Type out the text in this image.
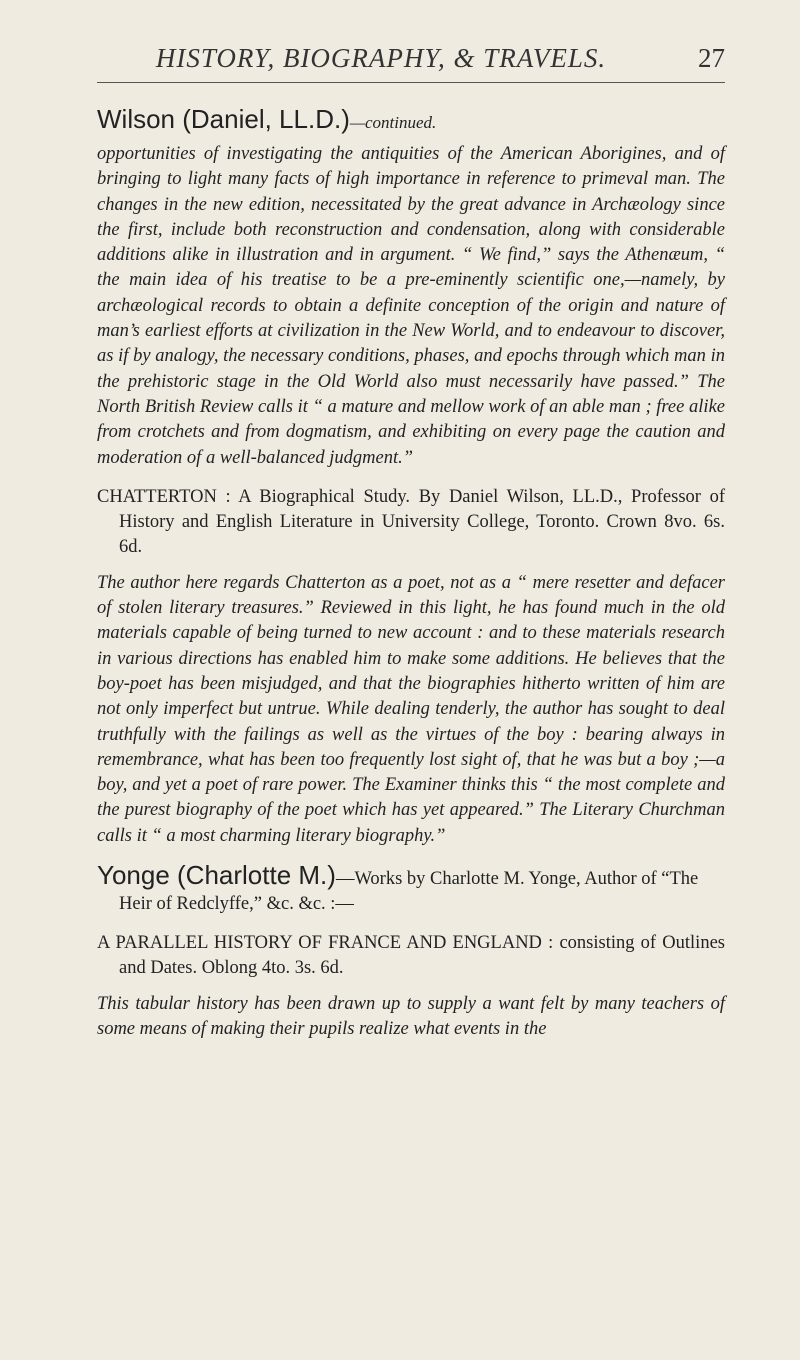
HISTORY, BIOGRAPHY, & TRAVELS.	27
Wilson (Daniel, LL.D.)—continued.

opportunities of investigating the antiquities of the American Aborigines, and of bringing to light many facts of high importance in reference to primeval man. The changes in the new edition, necessitated by the great advance in Archæology since the first, include both reconstruction and condensation, along with considerable additions alike in illustration and in argument. “ We find,” says the Athenæum, “ the main idea of his treatise to be a pre-eminently scientific one,—namely, by archæological records to obtain a definite conception of the origin and nature of man’s earliest efforts at civilization in the New World, and to endeavour to discover, as if by analogy, the necessary conditions, phases, and epochs through which man in the prehistoric stage in the Old World also must necessarily have passed.” The North British Review calls it “ a mature and mellow work of an able man ; free alike from crotchets and from dogmatism, and exhibiting on every page the caution and moderation of a well-balanced judgment.”

CHATTERTON : A Biographical Study. By Daniel Wilson, LL.D., Professor of History and English Literature in University College, Toronto. Crown 8vo. 6s. 6d.

The author here regards Chatterton as a poet, not as a “ mere resetter and defacer of stolen literary treasures.” Reviewed in this light, he has found much in the old materials capable of being turned to new account : and to these materials research in various directions has enabled him to make some additions. He believes that the boy-poet has been misjudged, and that the biographies hitherto written of him are not only imperfect but untrue. While dealing tenderly, the author has sought to deal truthfully with the failings as well as the virtues of the boy : bearing always in remembrance, what has been too frequently lost sight of, that he was but a boy ;—a boy, and yet a poet of rare power. The Examiner thinks this “ the most complete and the purest biography of the poet which has yet appeared.” The Literary Churchman calls it “ a most charming literary biography.”

Yonge (Charlotte M.)—Works by Charlotte M. Yonge, Author of “The Heir of Redclyffe,” &c. &c. :—

A PARALLEL HISTORY OF FRANCE AND ENGLAND : consisting of Outlines and Dates. Oblong 4to. 3s. 6d.

This tabular history has been drawn up to supply a want felt by many teachers of some means of making their pupils realize what events in the
